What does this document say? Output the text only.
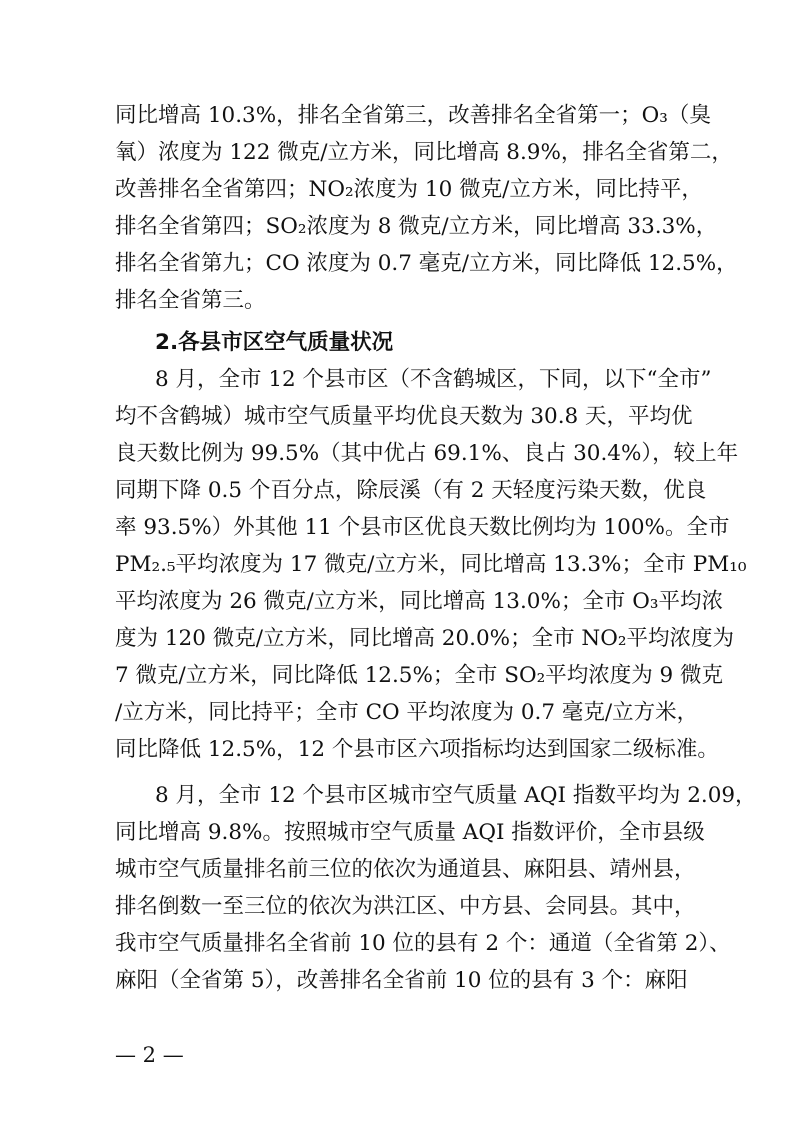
同比增高 10.3%，排名全省第三，改善排名全省第一；O₃（臭
氧）浓度为 122 微克/立方米，同比增高 8.9%，排名全省第二，
改善排名全省第四；NO₂浓度为 10 微克/立方米，同比持平，
排名全省第四；SO₂浓度为 8 微克/立方米，同比增高 33.3%，
排名全省第九；CO 浓度为 0.7 毫克/立方米，同比降低 12.5%，
排名全省第三。
2.各县市区空气质量状况
8 月，全市 12 个县市区（不含鹤城区，下同，以下“全市”
均不含鹤城）城市空气质量平均优良天数为 30.8 天，平均优
良天数比例为 99.5%（其中优占 69.1%、良占 30.4%），较上年
同期下降 0.5 个百分点，除辰溪（有 2 天轻度污染天数，优良
率 93.5%）外其他 11 个县市区优良天数比例均为 100%。全市
PM₂.₅平均浓度为 17 微克/立方米，同比增高 13.3%；全市 PM₁₀
平均浓度为 26 微克/立方米，同比增高 13.0%；全市 O₃平均浓
度为 120 微克/立方米，同比增高 20.0%；全市 NO₂平均浓度为
7 微克/立方米，同比降低 12.5%；全市 SO₂平均浓度为 9 微克
/立方米，同比持平；全市 CO 平均浓度为 0.7 毫克/立方米，
同比降低 12.5%，12 个县市区六项指标均达到国家二级标准。
8 月，全市 12 个县市区城市空气质量 AQI 指数平均为 2.09，
同比增高 9.8%。按照城市空气质量 AQI 指数评价，全市县级
城市空气质量排名前三位的依次为通道县、麻阳县、靖州县，
排名倒数一至三位的依次为洪江区、中方县、会同县。其中，
我市空气质量排名全省前 10 位的县有 2 个：通道（全省第 2）、
麻阳（全省第 5），改善排名全省前 10 位的县有 3 个：麻阳
— 2 —
